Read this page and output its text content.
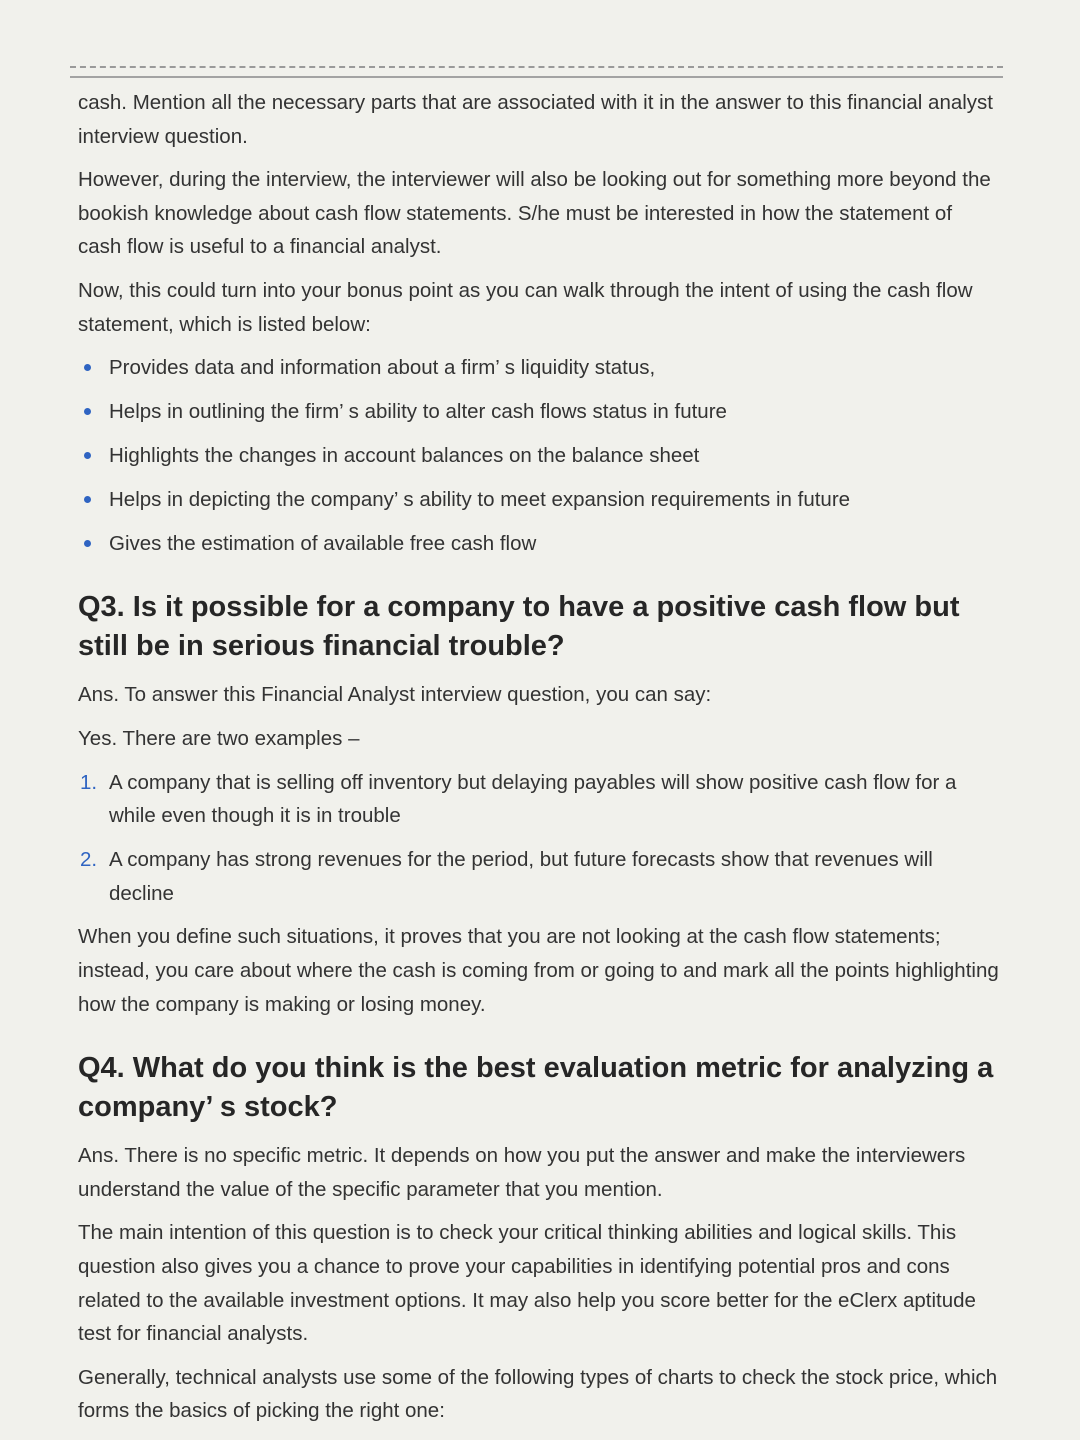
cash. Mention all the necessary parts that are associated with it in the answer to this financial analyst interview question.

However, during the interview, the interviewer will also be looking out for something more beyond the bookish knowledge about cash flow statements. S/he must be interested in how the statement of cash flow is useful to a financial analyst.

Now, this could turn into your bonus point as you can walk through the intent of using the cash flow statement, which is listed below:

Provides data and information about a firm’ s liquidity status,
Helps in outlining the firm’ s ability to alter cash flows status in future
Highlights the changes in account balances on the balance sheet
Helps in depicting the company’ s ability to meet expansion requirements in future
Gives the estimation of available free cash flow
Q3. Is it possible for a company to have a positive cash flow but still be in serious financial trouble?

Ans. To answer this Financial Analyst interview question, you can say:

Yes. There are two examples –

1. A company that is selling off inventory but delaying payables will show positive cash flow for a while even though it is in trouble
2. A company has strong revenues for the period, but future forecasts show that revenues will decline

When you define such situations, it proves that you are not looking at the cash flow statements; instead, you care about where the cash is coming from or going to and mark all the points highlighting how the company is making or losing money.

Q4. What do you think is the best evaluation metric for analyzing a company’ s stock?

Ans. There is no specific metric. It depends on how you put the answer and make the interviewers understand the value of the specific parameter that you mention.

The main intention of this question is to check your critical thinking abilities and logical skills. This question also gives you a chance to prove your capabilities in identifying potential pros and cons related to the available investment options. It may also help you score better for the eClerx aptitude test for financial analysts.

Generally, technical analysts use some of the following types of charts to check the stock price, which forms the basics of picking the right one:
